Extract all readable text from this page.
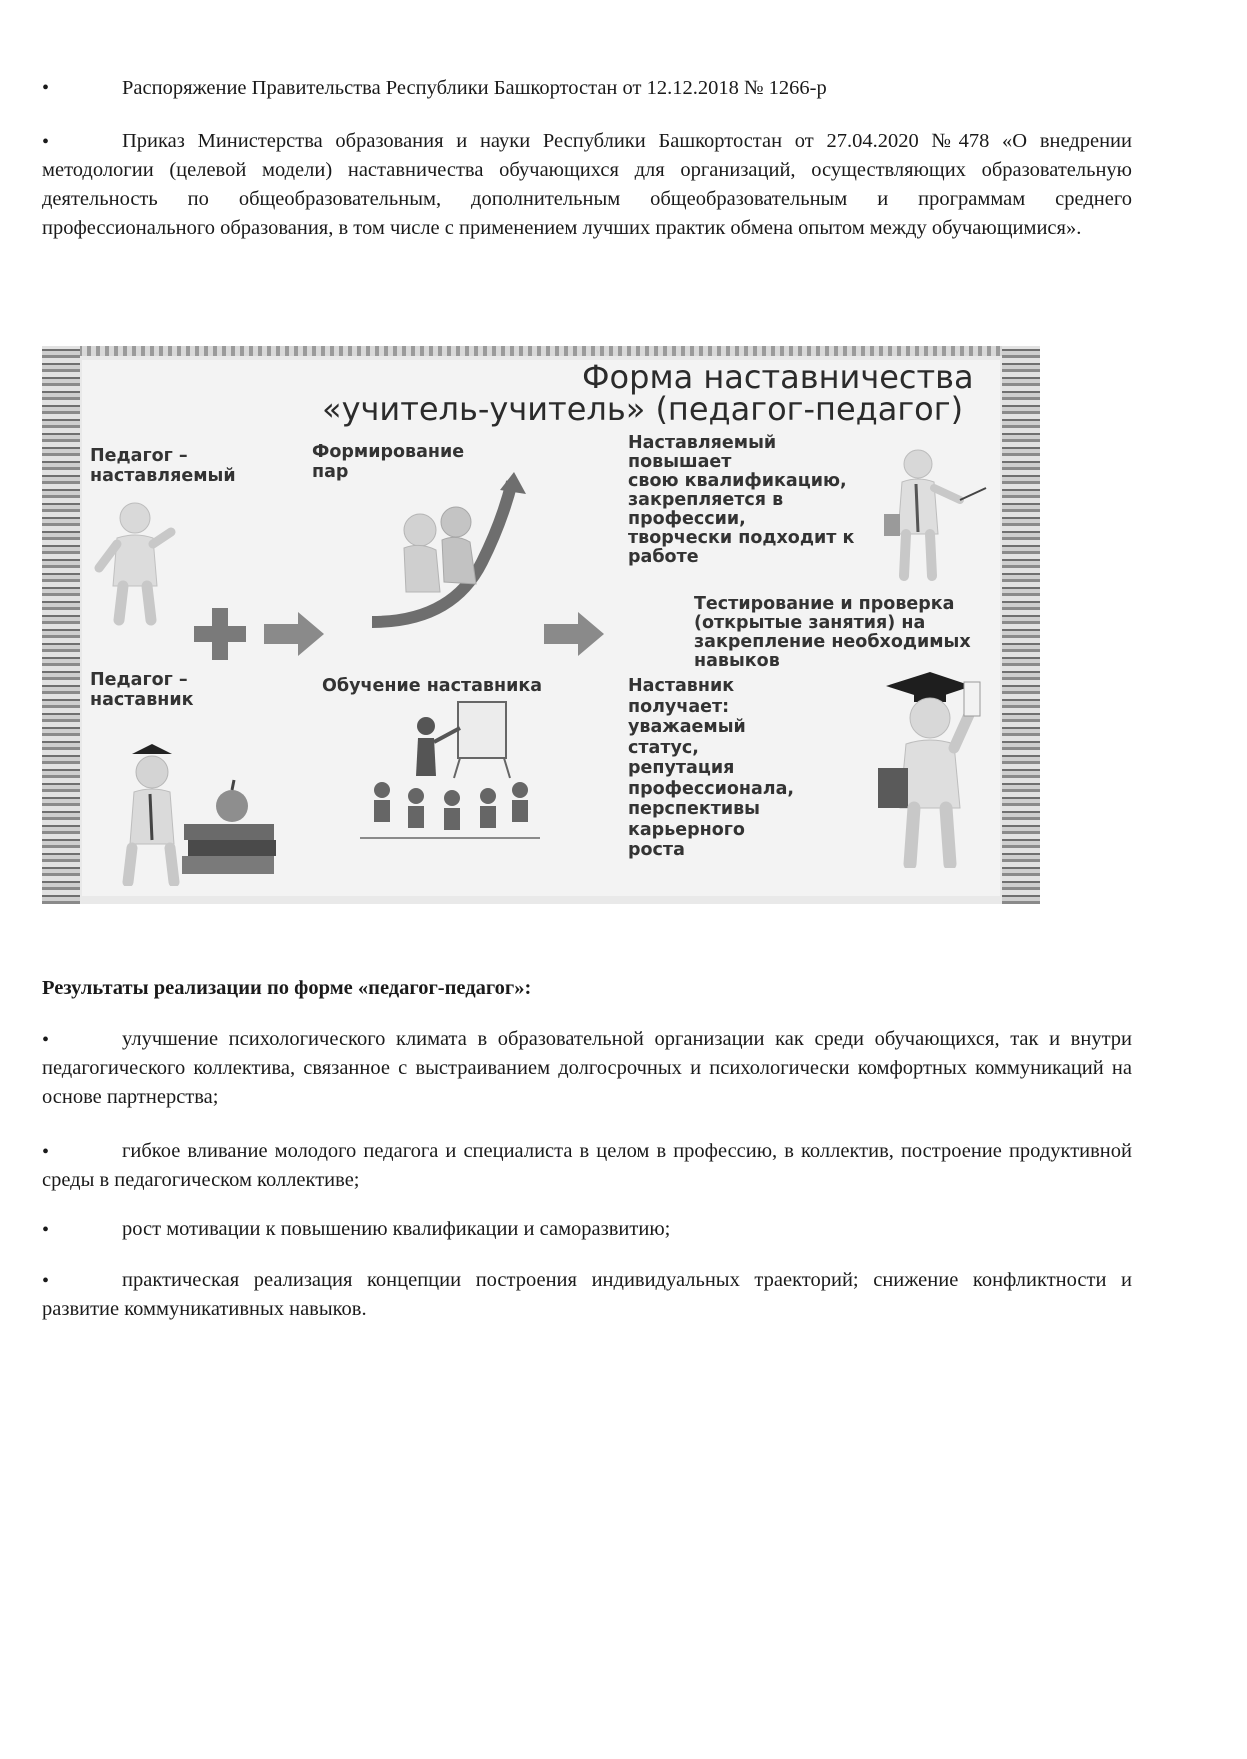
•	Распоряжение Правительства Республики Башкортостан от 12.12.2018 № 1266-р
•	Приказ Министерства образования и науки Республики Башкортостан от 27.04.2020 №478 «О внедрении методологии (целевой модели) наставничества обучающихся для организаций, осуществляющих образовательную деятельность по общеобразовательным, дополнительным общеобразовательным и программам среднего профессионального образования, в том числе с применением лучших практик обмена опытом между обучающимися».
Форма наставничества
«учитель-учитель» (педагог-педагог)
Педагог –
наставляемый
Формирование
пар
Наставляемый
повышает
свою квалификацию,
закрепляется в
профессии,
творчески подходит к
работе
Тестирование и проверка
(открытые занятия) на
закрепление необходимых
навыков
Педагог –
наставник
Обучение наставника	Наставник
получает:
уважаемый
статус,
репутация
профессионала,
перспективы
карьерного
роста
Результаты реализации по форме «педагог-педагог»:
•	улучшение психологического климата в образовательной организации как среди обучающихся, так и внутри педагогического коллектива, связанное с выстраиванием долгосрочных и психологически комфортных коммуникаций на основе партнерства;
•	гибкое вливание молодого педагога и специалиста в целом в профессию, в коллектив, построение продуктивной среды в педагогическом коллективе;
•	рост мотивации к повышению квалификации и саморазвитию;
•	практическая реализация концепции построения индивидуальных траекторий; снижение конфликтности и развитие коммуникативных навыков.
